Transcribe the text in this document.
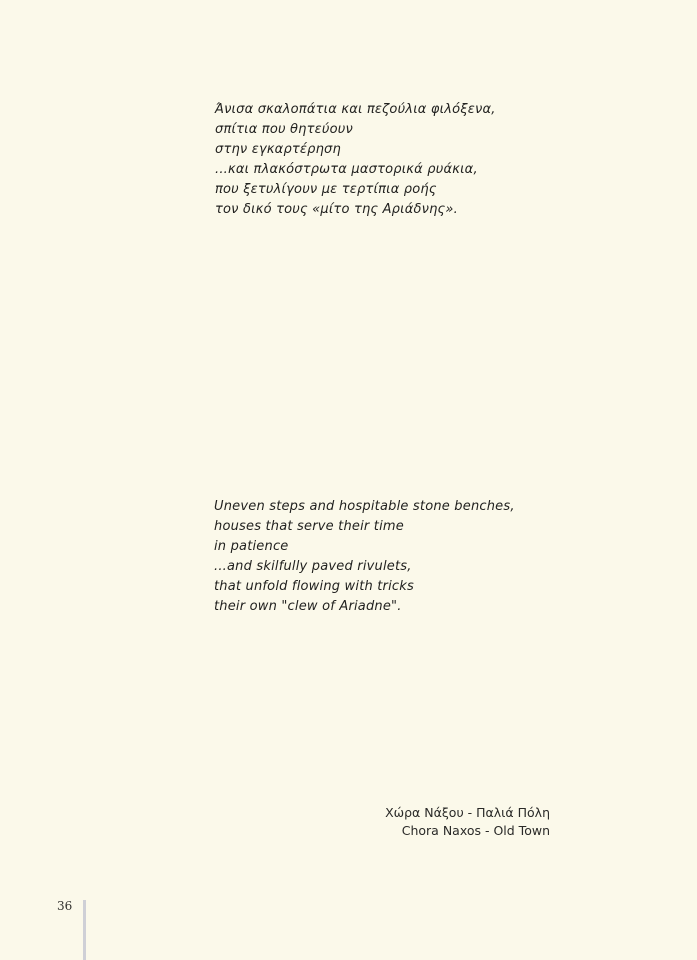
Άνισα σκαλοπάτια και πεζούλια φιλόξενα,
σπίτια που θητεύουν
στην εγκαρτέρηση
...και πλακόστρωτα μαστορικά ρυάκια,
που ξετυλίγουν με τερτίπια ροής
τον δικό τους «μίτο της Αριάδνης».
Uneven steps and hospitable stone benches,
houses that serve their time
in patience
...and skilfully paved rivulets,
that unfold flowing with tricks
their own "clew of Ariadne".
Χώρα Νάξου - Παλιά Πόλη
Chora Naxos - Old Town
36
